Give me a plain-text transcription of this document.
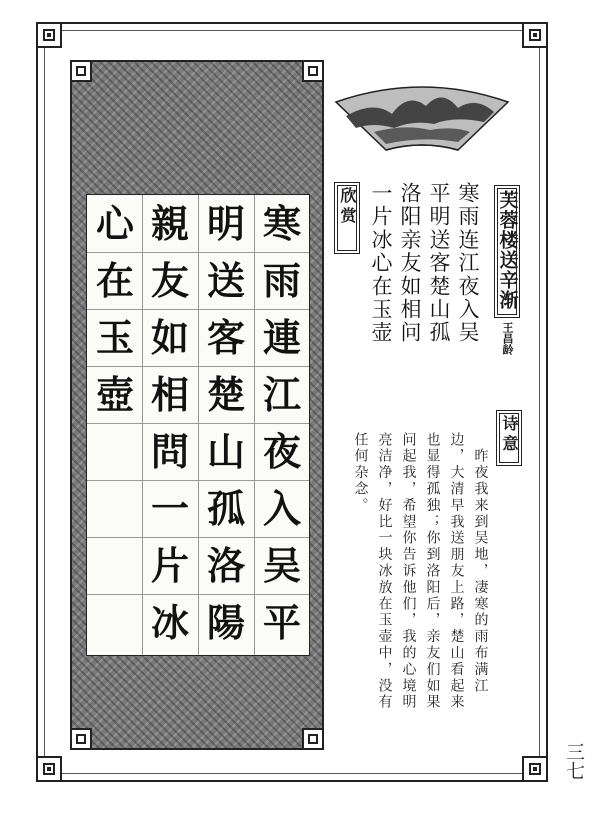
寒
雨
連
江
夜
入
吴
平
明
送
客
楚
山
孤
洛
陽
親
友
如
相
問
一
片
冰
心
在
玉
壺
芙蓉楼送辛渐
王昌龄
寒雨连江夜入吴
平明送客楚山孤
洛阳亲友如相问
一片冰心在玉壶
欣赏
诗意
　昨夜我来到吴地，凄寒的雨布满江
边，大清早我送朋友上路，楚山看起来
也显得孤独；你到洛阳后，亲友们如果
问起我，希望你告诉他们，我的心境明
亮洁净，好比一块冰放在玉壶中，没有
任何杂念。
三七
